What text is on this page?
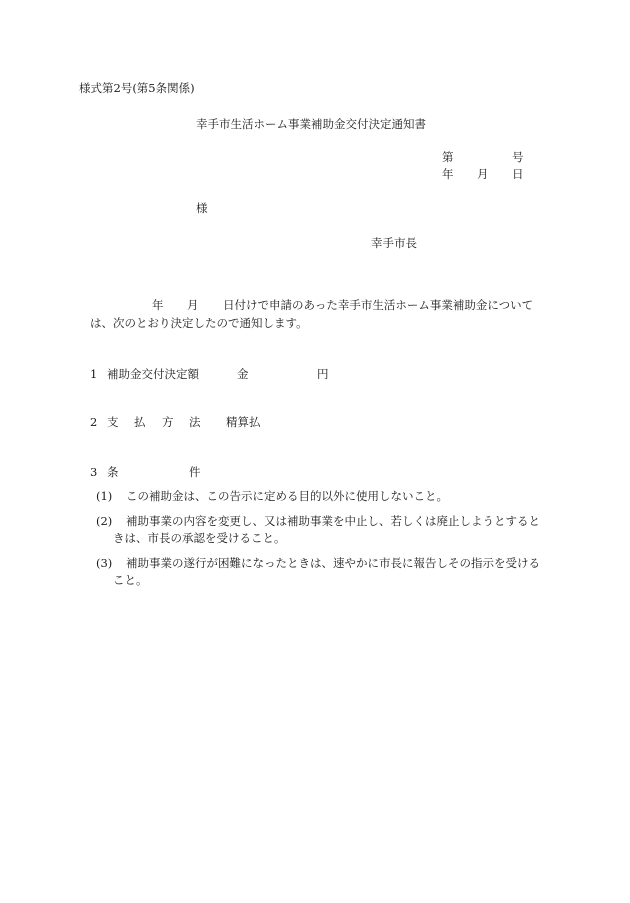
様式第2号(第5条関係)
幸手市生活ホーム事業補助金交付決定通知書
第	号
年 月 日
様
幸手市長
年 月 日付けで申請のあった幸手市生活ホーム事業補助金について
は、次のとおり決定したので通知します。
1 補助金交付決定額	金	円
2 支 払 方 法 精算払
3 条	件
(1) この補助金は、この告示に定める目的以外に使用しないこと。
(2) 補助事業の内容を変更し、又は補助事業を中止し、若しくは廃止しようとすると
きは、市長の承認を受けること。
(3) 補助事業の遂行が困難になったときは、速やかに市長に報告しその指示を受ける
こと。
